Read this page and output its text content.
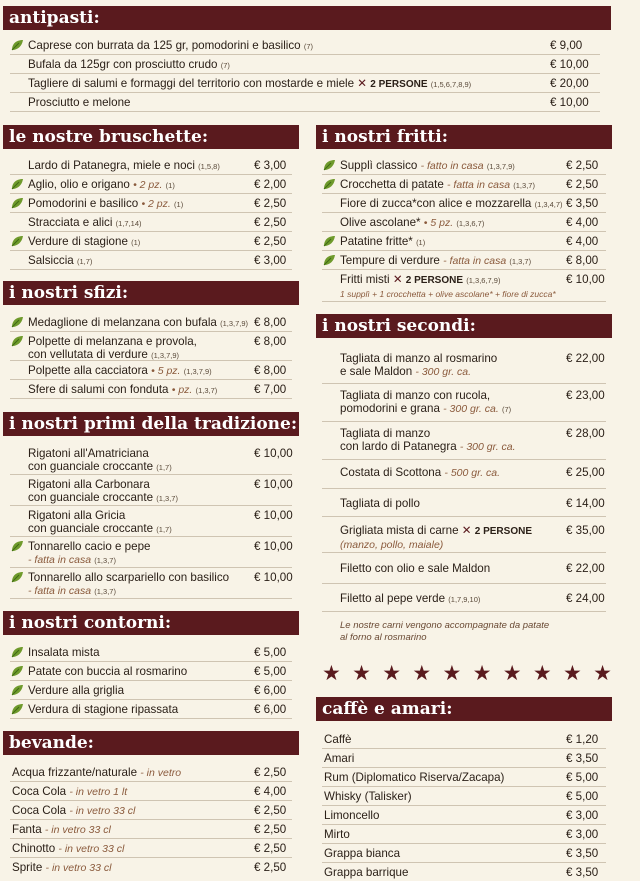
antipasti:
Caprese con burrata da 125 gr, pomodorini e basilico (7)	€ 9,00
Bufala da 125gr con prosciutto crudo (7)	€ 10,00
Tagliere di salumi e formaggi del territorio con mostarde e miele ✕ 2 PERSONE (1,5,6,7,8,9)	€ 20,00
Prosciutto e melone	€ 10,00
le nostre bruschette:
Lardo di Patanegra, miele e noci (1,5,8)	€ 3,00
Aglio, olio e origano • 2 pz. (1)	€ 2,00
Pomodorini e basilico • 2 pz. (1)	€ 2,50
Stracciata e alici (1,7,14)	€ 2,50
Verdure di stagione (1)	€ 2,50
Salsiccia (1,7)	€ 3,00
i nostri sfizi:
Medaglione di melanzana con bufala (1,3,7,9) € 8,00
Polpette di melanzana e provola,
con vellutata di verdure (1,3,7,9)
€ 8,00
Polpette alla cacciatora • 5 pz. (1,3,7,9)	€ 8,00
Sfere di salumi con fonduta • pz. (1,3,7)	€ 7,00
i nostri primi della tradizione:
Rigatoni all'Amatriciana
con guanciale croccante (1,7)
€ 10,00
Rigatoni alla Carbonara
con guanciale croccante (1,3,7)
€ 10,00
Rigatoni alla Gricia
con guanciale croccante (1,7)
€ 10,00
Tonnarello cacio e pepe
- fatta in casa (1,3,7)
€ 10,00
Tonnarello allo scarpariello con basilico
- fatta in casa (1,3,7)
€ 10,00
i nostri contorni:
Insalata mista	€ 5,00
Patate con buccia al rosmarino	€ 5,00
Verdure alla griglia	€ 6,00
Verdura di stagione ripassata	€ 6,00
bevande:
Acqua frizzante/naturale - in vetro	€ 2,50
Coca Cola - in vetro 1 lt	€ 4,00
Coca Cola - in vetro 33 cl	€ 2,50
Fanta - in vetro 33 cl	€ 2,50
Chinotto - in vetro 33 cl	€ 2,50
Sprite - in vetro 33 cl	€ 2,50
i nostri fritti:
Supplì classico - fatto in casa (1,3,7,9)	€ 2,50
Crocchetta di patate - fatta in casa (1,3,7)	€ 2,50
Fiore di zucca*con alice e mozzarella (1,3,4,7) € 3,50
Olive ascolane* • 5 pz. (1,3,6,7)	€ 4,00
Patatine fritte* (1)	€ 4,00
Tempure di verdure - fatta in casa (1,3,7)	€ 8,00
Fritti misti ✕ 2 PERSONE (1,3,6,7,9)	€ 10,00
1 supplì + 1 crocchetta + olive ascolane* + fiore di zucca*
i nostri secondi:
Tagliata di manzo al rosmarino
e sale Maldon - 300 gr. ca.
€ 22,00
Tagliata di manzo con rucola,
pomodorini e grana - 300 gr. ca. (7)
€ 23,00
Tagliata di manzo
con lardo di Patanegra - 300 gr. ca.
€ 28,00
Costata di Scottona - 500 gr. ca.	€ 25,00
Tagliata di pollo	€ 14,00
Grigliata mista di carne ✕ 2 PERSONE
(manzo, pollo, maiale)
€ 35,00
Filetto con olio e sale Maldon	€ 22,00
Filetto al pepe verde (1,7,9,10)	€ 24,00
Le nostre carni vengono accompagnate da patate
al forno al rosmarino
★ ★ ★ ★ ★ ★ ★ ★ ★ ★
caffè e amari:
Caffè	€ 1,20
Amari	€ 3,50
Rum (Diplomatico Riserva/Zacapa)	€ 5,00
Whisky (Talisker)	€ 5,00
Limoncello	€ 3,00
Mirto	€ 3,00
Grappa bianca	€ 3,50
Grappa barrique	€ 3,50
